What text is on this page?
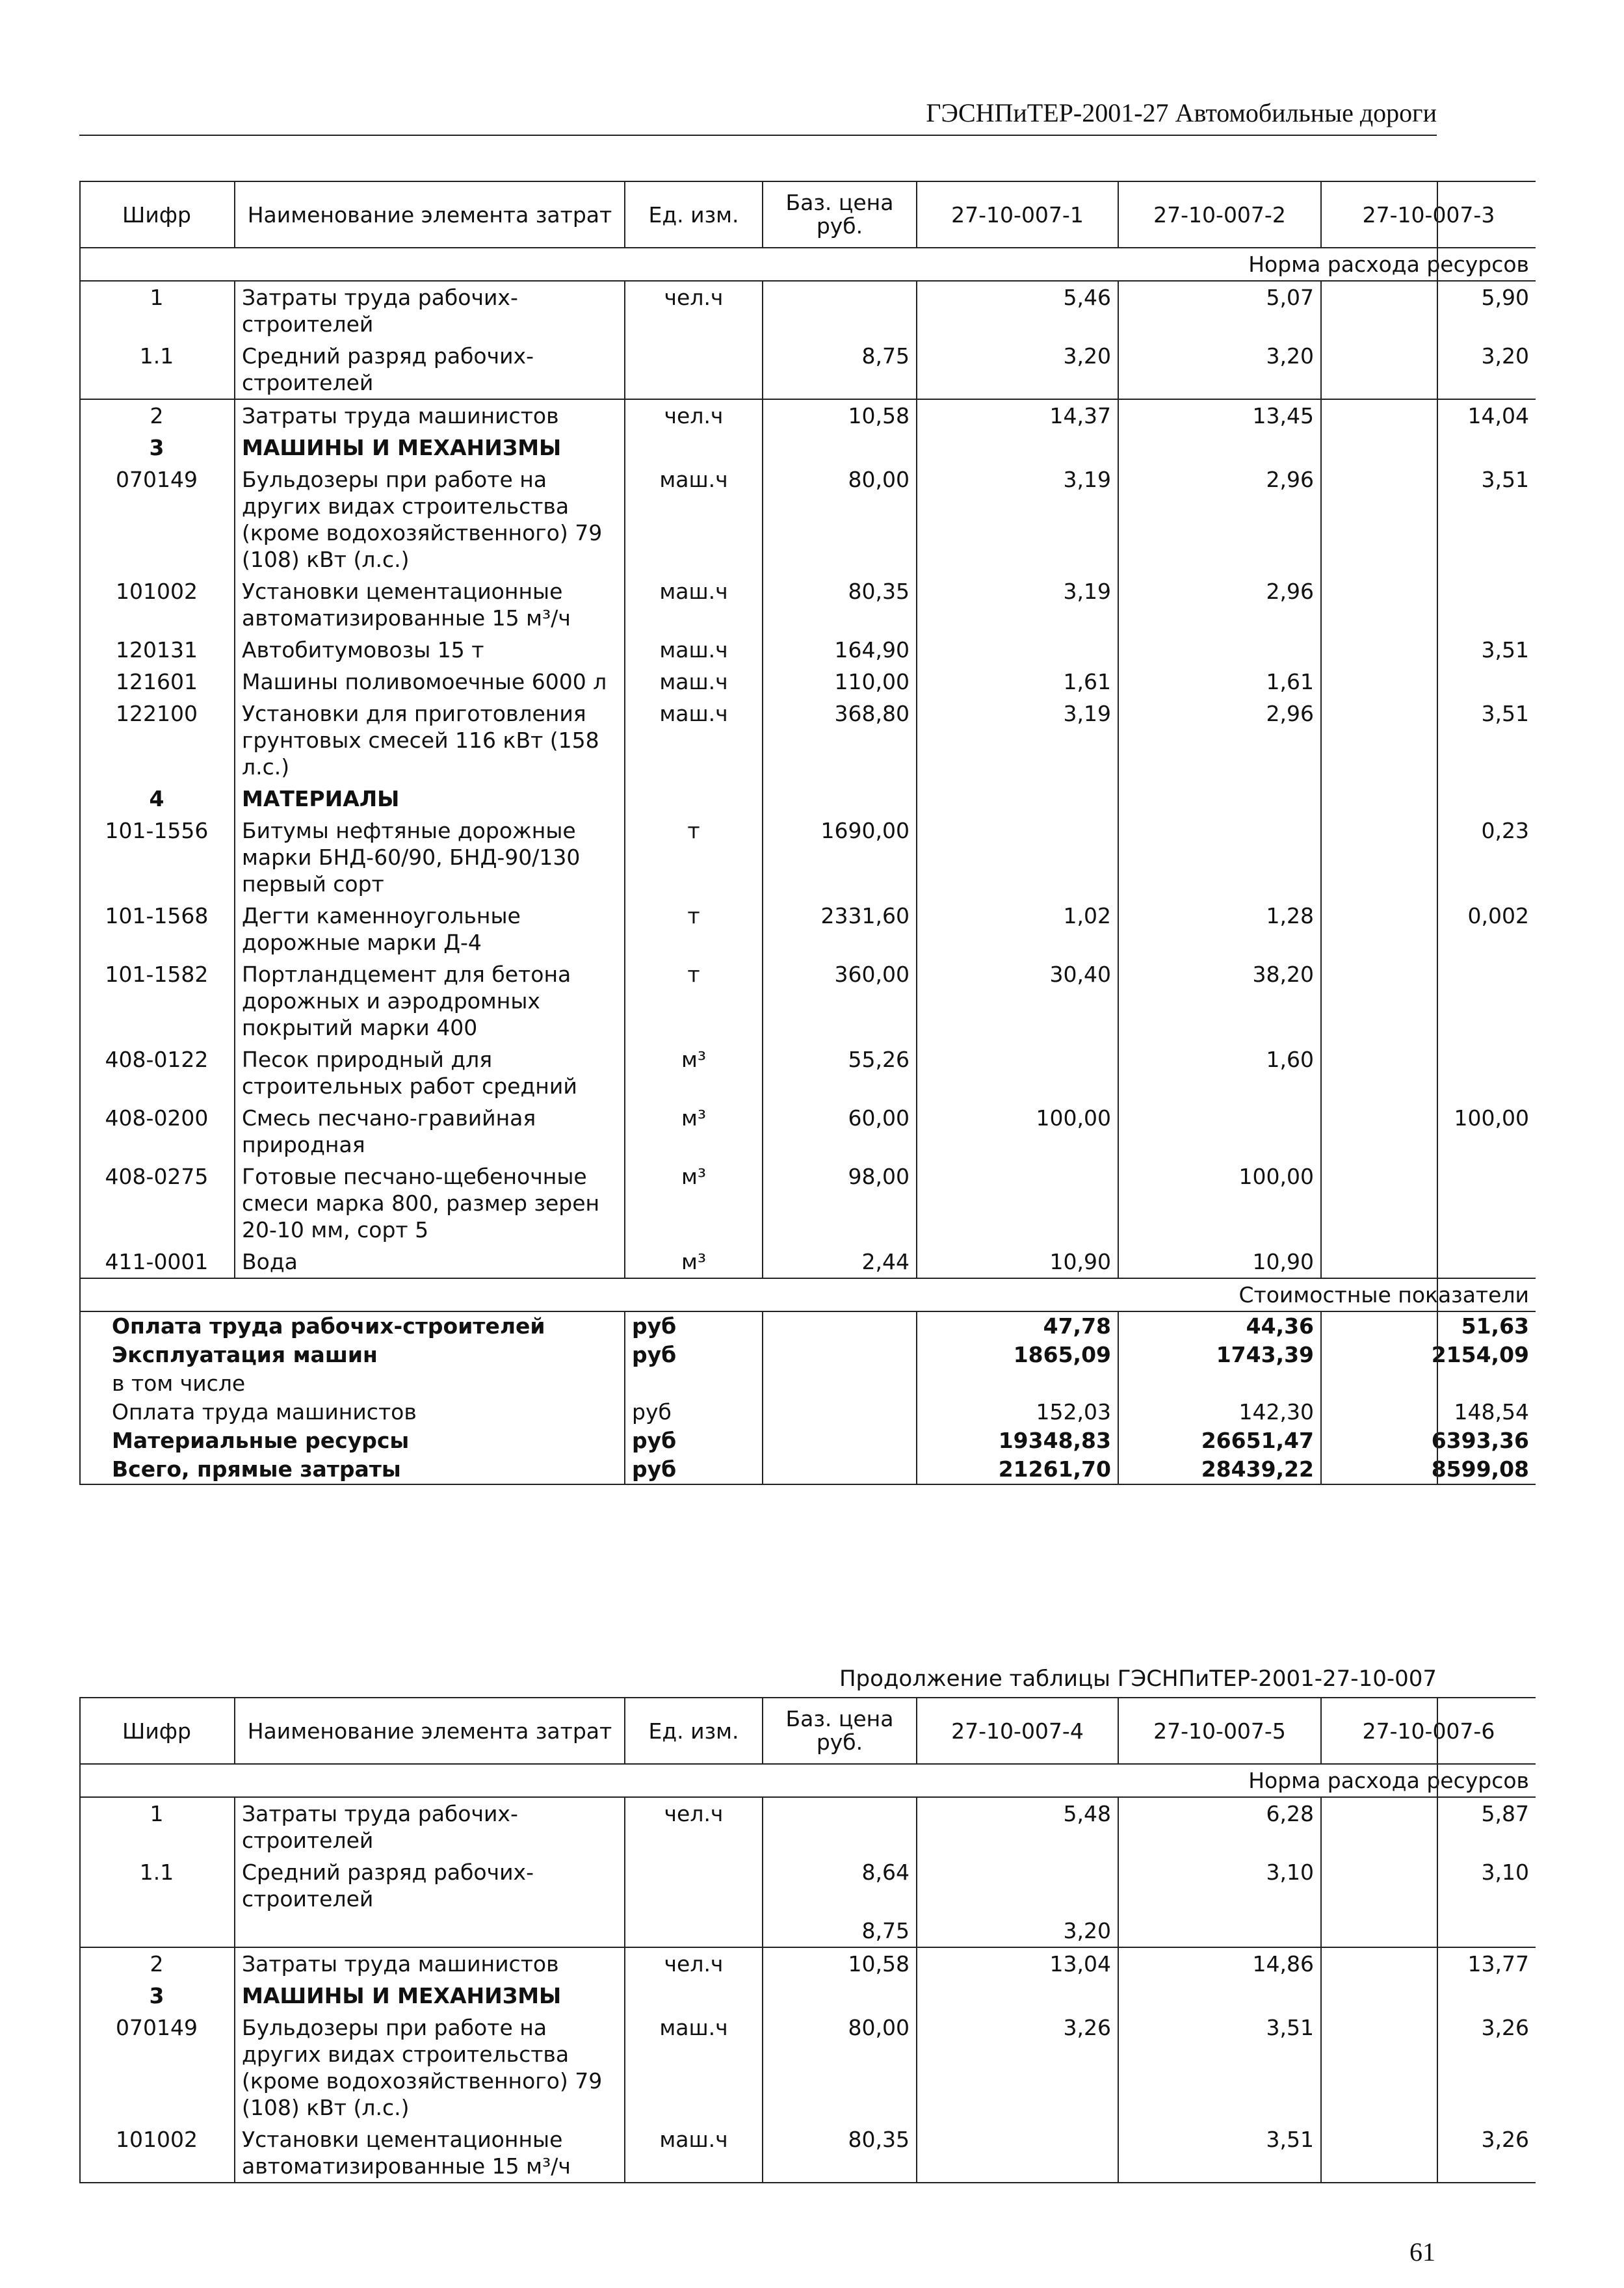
ГЭСНПиТЕР-2001-27 Автомобильные дороги
Шифр	Наименование элемента затрат	Ед. изм.	Баз. цена руб.	27-10-007-1	27-10-007-2	27-10-007-3
Норма расхода ресурсов						
1	Затраты труда рабочих-строителей	чел.ч		5,46	5,07	5,90
1.1	Средний разряд рабочих-строителей		8,75	3,20	3,20	3,20
2	Затраты труда машинистов	чел.ч	10,58	14,37	13,45	14,04
3	МАШИНЫ И МЕХАНИЗМЫ					
070149	Бульдозеры при работе на других видах строительства (кроме водохозяйственного) 79 (108) кВт (л.с.)	маш.ч	80,00	3,19	2,96	3,51
101002	Установки цементационные автоматизированные 15 м³/ч	маш.ч	80,35	3,19	2,96	
120131	Автобитумовозы 15 т	маш.ч	164,90			3,51
121601	Машины поливомоечные 6000 л	маш.ч	110,00	1,61	1,61	
122100	Установки для приготовления грунтовых смесей 116 кВт (158 л.с.)	маш.ч	368,80	3,19	2,96	3,51
4	МАТЕРИАЛЫ					
101-1556	Битумы нефтяные дорожные марки БНД-60/90, БНД-90/130 первый сорт	т	1690,00			0,23
101-1568	Дегти каменноугольные дорожные марки Д-4	т	2331,60	1,02	1,28	0,002
101-1582	Портландцемент для бетона дорожных и аэродромных покрытий марки 400	т	360,00	30,40	38,20	
408-0122	Песок природный для строительных работ средний	м³	55,26		1,60	
408-0200	Смесь песчано-гравийная природная	м³	60,00	100,00		100,00
408-0275	Готовые песчано-щебеночные смеси марка 800, размер зерен 20-10 мм, сорт 5	м³	98,00		100,00	
411-0001	Вода	м³	2,44	10,90	10,90	
Стоимостные показатели						
Оплата труда рабочих-строителей		руб		47,78	44,36	51,63
Эксплуатация машин		руб		1865,09	1743,39	2154,09
в том числе						
Оплата труда машинистов		руб		152,03	142,30	148,54
Материальные ресурсы		руб		19348,83	26651,47	6393,36
Всего, прямые затраты		руб		21261,70	28439,22	8599,08
Продолжение таблицы ГЭСНПиТЕР-2001-27-10-007
Шифр	Наименование элемента затрат	Ед. изм.	Баз. цена руб.	27-10-007-4	27-10-007-5	27-10-007-6
Норма расхода ресурсов						
1	Затраты труда рабочих-строителей	чел.ч		5,48	6,28	5,87
1.1	Средний разряд рабочих-строителей		8,64		3,10	3,10
			8,75	3,20		
2	Затраты труда машинистов	чел.ч	10,58	13,04	14,86	13,77
3	МАШИНЫ И МЕХАНИЗМЫ					
070149	Бульдозеры при работе на других видах строительства (кроме водохозяйственного) 79 (108) кВт (л.с.)	маш.ч	80,00	3,26	3,51	3,26
101002	Установки цементационные автоматизированные 15 м³/ч	маш.ч	80,35		3,51	3,26
61
